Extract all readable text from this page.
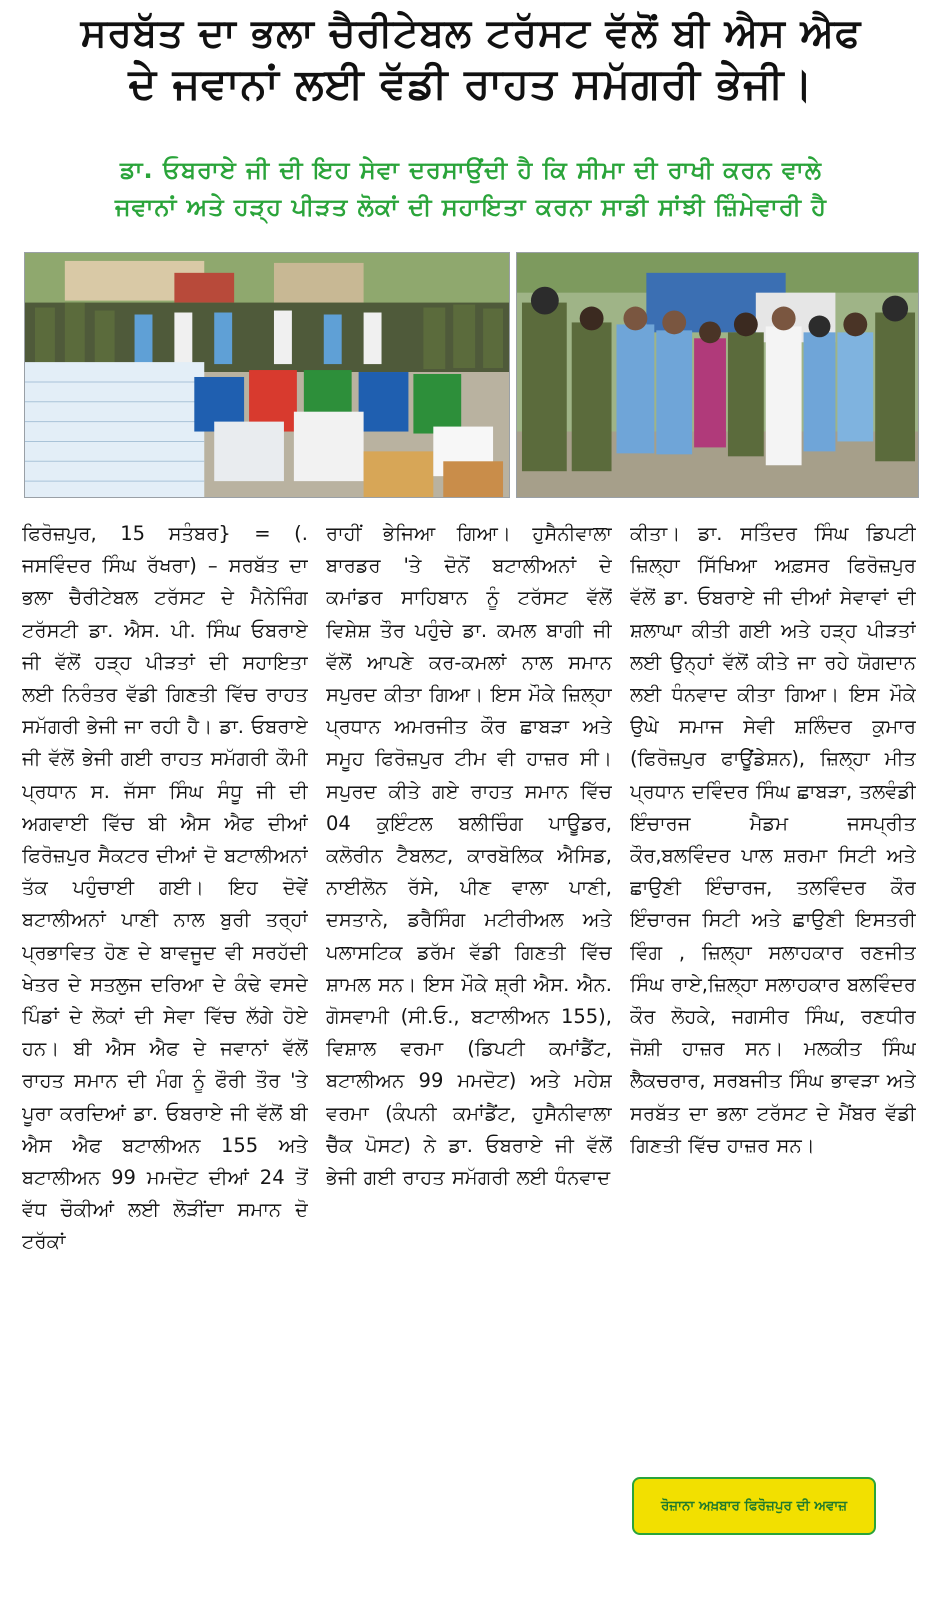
ਸਰਬੱਤ ਦਾ ਭਲਾ ਚੈਰੀਟੇਬਲ ਟਰੱਸਟ ਵੱਲੋਂ ਬੀ ਐਸ ਐਫ
ਦੇ ਜਵਾਨਾਂ ਲਈ ਵੱਡੀ ਰਾਹਤ ਸਮੱਗਰੀ ਭੇਜੀ।
ਡਾ. ਓਬਰਾਏ ਜੀ ਦੀ ਇਹ ਸੇਵਾ ਦਰਸਾਉਂਦੀ ਹੈ ਕਿ ਸੀਮਾ ਦੀ ਰਾਖੀ ਕਰਨ ਵਾਲੇ
ਜਵਾਨਾਂ ਅਤੇ ਹੜ੍ਹ ਪੀੜਤ ਲੋਕਾਂ ਦੀ ਸਹਾਇਤਾ ਕਰਨਾ ਸਾਡੀ ਸਾਂਝੀ ਜ਼ਿੰਮੇਵਾਰੀ ਹੈ

ਫਿਰੋਜ਼ਪੁਰ, 15 ਸਤੰਬਰ} = (. ਜਸਵਿੰਦਰ ਸਿੰਘ ਰੱਖਰਾ) – ਸਰਬੱਤ ਦਾ ਭਲਾ ਚੈਰੀਟੇਬਲ ਟਰੱਸਟ ਦੇ ਮੈਨੇਜਿੰਗ ਟਰੱਸਟੀ ਡਾ. ਐਸ. ਪੀ. ਸਿੰਘ ਓਬਰਾਏ ਜੀ ਵੱਲੋਂ ਹੜ੍ਹ ਪੀੜਤਾਂ ਦੀ ਸਹਾਇਤਾ ਲਈ ਨਿਰੰਤਰ ਵੱਡੀ ਗਿਣਤੀ ਵਿੱਚ ਰਾਹਤ ਸਮੱਗਰੀ ਭੇਜੀ ਜਾ ਰਹੀ ਹੈ। ਡਾ. ਓਬਰਾਏ ਜੀ ਵੱਲੋਂ ਭੇਜੀ ਗਈ ਰਾਹਤ ਸਮੱਗਰੀ ਕੌਮੀ ਪ੍ਰਧਾਨ ਸ. ਜੱਸਾ ਸਿੰਘ ਸੰਧੂ ਜੀ ਦੀ ਅਗਵਾਈ ਵਿੱਚ ਬੀ ਐਸ ਐਫ ਦੀਆਂ ਫਿਰੋਜ਼ਪੁਰ ਸੈਕਟਰ ਦੀਆਂ ਦੋ ਬਟਾਲੀਅਨਾਂ ਤੱਕ ਪਹੁੰਚਾਈ ਗਈ। ਇਹ ਦੋਵੇਂ ਬਟਾਲੀਅਨਾਂ ਪਾਣੀ ਨਾਲ ਬੁਰੀ ਤਰ੍ਹਾਂ ਪ੍ਰਭਾਵਿਤ ਹੋਣ ਦੇ ਬਾਵਜੂਦ ਵੀ ਸਰਹੱਦੀ ਖੇਤਰ ਦੇ ਸਤਲੁਜ ਦਰਿਆ ਦੇ ਕੰਢੇ ਵਸਦੇ ਪਿੰਡਾਂ ਦੇ ਲੋਕਾਂ ਦੀ ਸੇਵਾ ਵਿੱਚ ਲੱਗੇ ਹੋਏ ਹਨ। ਬੀ ਐਸ ਐਫ ਦੇ ਜਵਾਨਾਂ ਵੱਲੋਂ ਰਾਹਤ ਸਮਾਨ ਦੀ ਮੰਗ ਨੂੰ ਫੌਰੀ ਤੌਰ 'ਤੇ ਪੂਰਾ ਕਰਦਿਆਂ ਡਾ. ਓਬਰਾਏ ਜੀ ਵੱਲੋਂ ਬੀ ਐਸ ਐਫ ਬਟਾਲੀਅਨ 155 ਅਤੇ ਬਟਾਲੀਅਨ 99 ਮਮਦੋਟ ਦੀਆਂ 24 ਤੋਂ ਵੱਧ ਚੌਕੀਆਂ ਲਈ ਲੋੜੀਂਦਾ ਸਮਾਨ ਦੋ ਟਰੱਕਾਂ

ਰਾਹੀਂ ਭੇਜਿਆ ਗਿਆ। ਹੁਸੈਨੀਵਾਲਾ ਬਾਰਡਰ 'ਤੇ ਦੋਨੋਂ ਬਟਾਲੀਅਨਾਂ ਦੇ ਕਮਾਂਡਰ ਸਾਹਿਬਾਨ ਨੂੰ ਟਰੱਸਟ ਵੱਲੋਂ ਵਿਸ਼ੇਸ਼ ਤੌਰ ਪਹੁੰਚੇ ਡਾ. ਕਮਲ ਬਾਗੀ ਜੀ ਵੱਲੋਂ ਆਪਣੇ ਕਰ-ਕਮਲਾਂ ਨਾਲ ਸਮਾਨ ਸਪੁਰਦ ਕੀਤਾ ਗਿਆ। ਇਸ ਮੌਕੇ ਜ਼ਿਲ੍ਹਾ ਪ੍ਰਧਾਨ ਅਮਰਜੀਤ ਕੌਰ ਛਾਬੜਾ ਅਤੇ ਸਮੂਹ ਫਿਰੋਜ਼ਪੁਰ ਟੀਮ ਵੀ ਹਾਜ਼ਰ ਸੀ। ਸਪੁਰਦ ਕੀਤੇ ਗਏ ਰਾਹਤ ਸਮਾਨ ਵਿੱਚ 04 ਕੁਇੰਟਲ ਬਲੀਚਿੰਗ ਪਾਊਡਰ, ਕਲੋਰੀਨ ਟੈਬਲਟ, ਕਾਰਬੋਲਿਕ ਐਸਿਡ, ਨਾਈਲੋਨ ਰੱਸੇ, ਪੀਣ ਵਾਲਾ ਪਾਣੀ, ਦਸਤਾਨੇ, ਡਰੈਸਿੰਗ ਮਟੀਰੀਅਲ ਅਤੇ ਪਲਾਸਟਿਕ ਡਰੱਮ ਵੱਡੀ ਗਿਣਤੀ ਵਿੱਚ ਸ਼ਾਮਲ ਸਨ। ਇਸ ਮੌਕੇ ਸ਼੍ਰੀ ਐਸ. ਐਨ. ਗੋਸਵਾਮੀ (ਸੀ.ਓ., ਬਟਾਲੀਅਨ 155), ਵਿਸ਼ਾਲ ਵਰਮਾ (ਡਿਪਟੀ ਕਮਾਂਡੈਂਟ, ਬਟਾਲੀਅਨ 99 ਮਮਦੋਟ) ਅਤੇ ਮਹੇਸ਼ ਵਰਮਾ (ਕੰਪਨੀ ਕਮਾਂਡੈਂਟ, ਹੁਸੈਨੀਵਾਲਾ ਚੈੱਕ ਪੋਸਟ) ਨੇ ਡਾ. ਓਬਰਾਏ ਜੀ ਵੱਲੋਂ ਭੇਜੀ ਗਈ ਰਾਹਤ ਸਮੱਗਰੀ ਲਈ ਧੰਨਵਾਦ

ਕੀਤਾ। ਡਾ. ਸਤਿੰਦਰ ਸਿੰਘ ਡਿਪਟੀ ਜ਼ਿਲ੍ਹਾ ਸਿੱਖਿਆ ਅਫ਼ਸਰ ਫਿਰੋਜ਼ਪੁਰ ਵੱਲੋਂ ਡਾ. ਓਬਰਾਏ ਜੀ ਦੀਆਂ ਸੇਵਾਵਾਂ ਦੀ ਸ਼ਲਾਘਾ ਕੀਤੀ ਗਈ ਅਤੇ ਹੜ੍ਹ ਪੀੜਤਾਂ ਲਈ ਉਨ੍ਹਾਂ ਵੱਲੋਂ ਕੀਤੇ ਜਾ ਰਹੇ ਯੋਗਦਾਨ ਲਈ ਧੰਨਵਾਦ ਕੀਤਾ ਗਿਆ। ਇਸ ਮੌਕੇ ਉਘੇ ਸਮਾਜ ਸੇਵੀ ਸ਼ਲਿੰਦਰ ਕੁਮਾਰ (ਫਿਰੋਜ਼ਪੁਰ ਫਾਊਂਡੇਸ਼ਨ), ਜ਼ਿਲ੍ਹਾ ਮੀਤ ਪ੍ਰਧਾਨ ਦਵਿੰਦਰ ਸਿੰਘ ਛਾਬੜਾ, ਤਲਵੰਡੀ ਇੰਚਾਰਜ ਮੈਡਮ ਜਸਪ੍ਰੀਤ ਕੌਰ,ਬਲਵਿੰਦਰ ਪਾਲ ਸ਼ਰਮਾ ਸਿਟੀ ਅਤੇ ਛਾਉਣੀ ਇੰਚਾਰਜ, ਤਲਵਿੰਦਰ ਕੌਰ ਇੰਚਾਰਜ ਸਿਟੀ ਅਤੇ ਛਾਉਣੀ ਇਸਤਰੀ ਵਿੰਗ , ਜ਼ਿਲ੍ਹਾ ਸਲਾਹਕਾਰ ਰਣਜੀਤ ਸਿੰਘ ਰਾਏ,ਜ਼ਿਲ੍ਹਾ ਸਲਾਹਕਾਰ ਬਲਵਿੰਦਰ ਕੌਰ ਲੋਹਕੇ, ਜਗਸੀਰ ਸਿੰਘ, ਰਣਧੀਰ ਜੋਸ਼ੀ ਹਾਜ਼ਰ ਸਨ। ਮਲਕੀਤ ਸਿੰਘ ਲੈਕਚਰਾਰ, ਸਰਬਜੀਤ ਸਿੰਘ ਭਾਵੜਾ ਅਤੇ ਸਰਬੱਤ ਦਾ ਭਲਾ ਟਰੱਸਟ ਦੇ ਮੈਂਬਰ ਵੱਡੀ ਗਿਣਤੀ ਵਿੱਚ ਹਾਜ਼ਰ ਸਨ।

ਰੋਜ਼ਾਨਾ ਅਖ਼ਬਾਰ ਫਿਰੋਜ਼ਪੁਰ ਦੀ ਅਵਾਜ਼
